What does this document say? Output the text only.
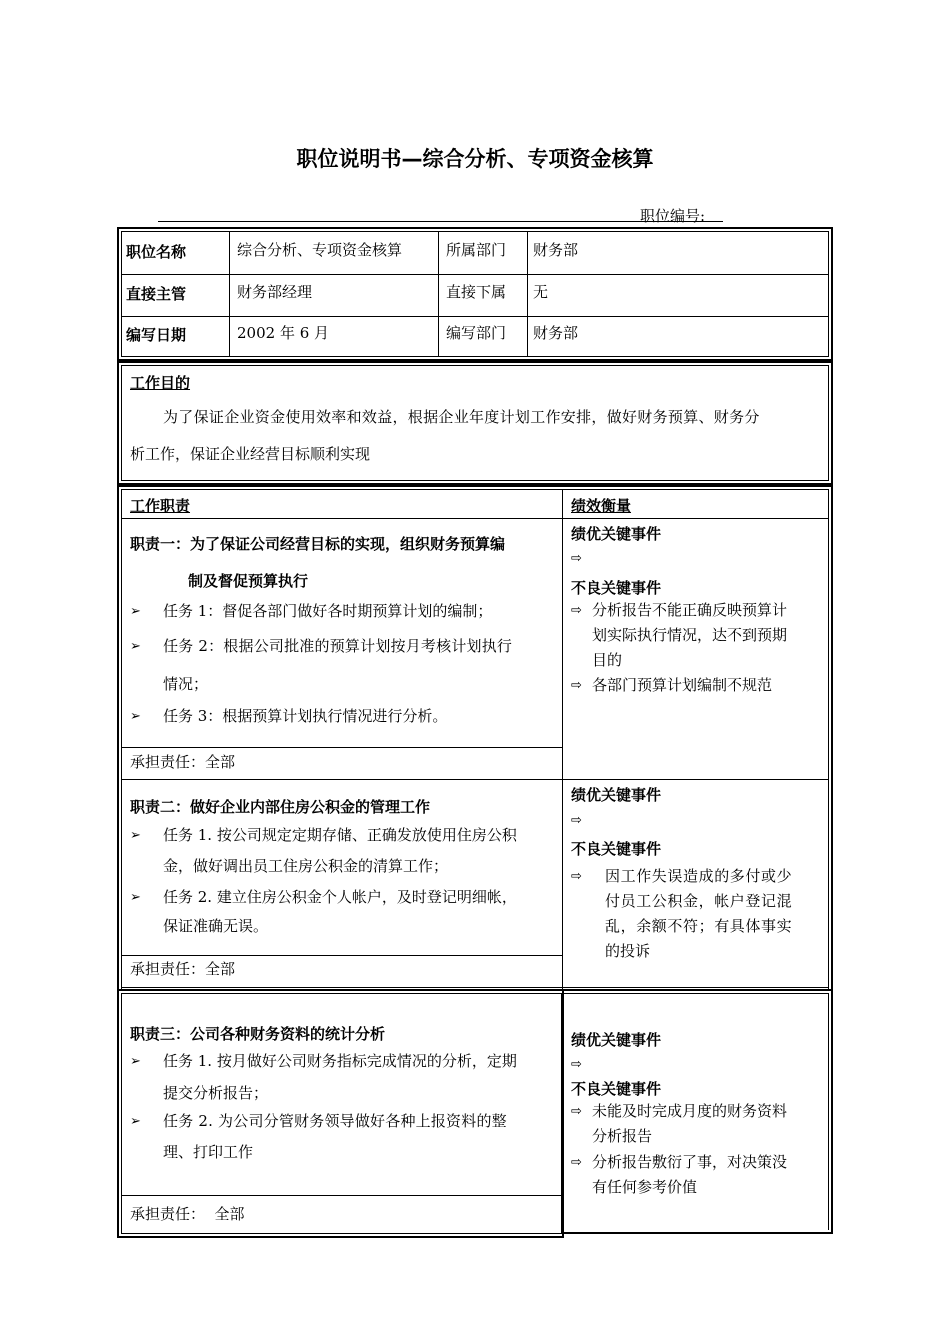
职位说明书—综合分析、专项资金核算
职位编号:
职位名称	综合分析、专项资金核算	所属部门 财务部
直接主管	财务部经理	直接下属 无
编写日期	2002 年 6 月	编写部门 财务部
工作目的
为了保证企业资金使用效率和效益，根据企业年度计划工作安排，做好财务预算、财务分
析工作，保证企业经营目标顺利实现
工作职责	绩效衡量
职责一：为了保证公司经营目标的实现，组织财务预算编
制及督促预算执行
➢ 任务 1：督促各部门做好各时期预算计划的编制；
➢ 任务 2：根据公司批准的预算计划按月考核计划执行
情况；
➢ 任务 3：根据预算计划执行情况进行分析。
承担责任：全部
绩优关键事件
⇨
不良关键事件
⇨ 分析报告不能正确反映预算计
划实际执行情况，达不到预期
目的
⇨ 各部门预算计划编制不规范
职责二：做好企业内部住房公积金的管理工作
➢ 任务 1. 按公司规定定期存储、正确发放使用住房公积
金，做好调出员工住房公积金的清算工作；
➢ 任务 2. 建立住房公积金个人帐户，及时登记明细帐，
保证准确无误。
承担责任：全部
绩优关键事件
⇨
不良关键事件
⇨ 因工作失误造成的多付或少
付员工公积金，帐户登记混
乱，余额不符；有具体事实
的投诉
职责三：公司各种财务资料的统计分析
➢ 任务 1. 按月做好公司财务指标完成情况的分析，定期
提交分析报告；
➢ 任务 2. 为公司分管财务领导做好各种上报资料的整
理、打印工作
承担责任：  全部
绩优关键事件
⇨
不良关键事件
⇨ 未能及时完成月度的财务资料
分析报告
⇨ 分析报告敷衍了事，对决策没
有任何参考价值
